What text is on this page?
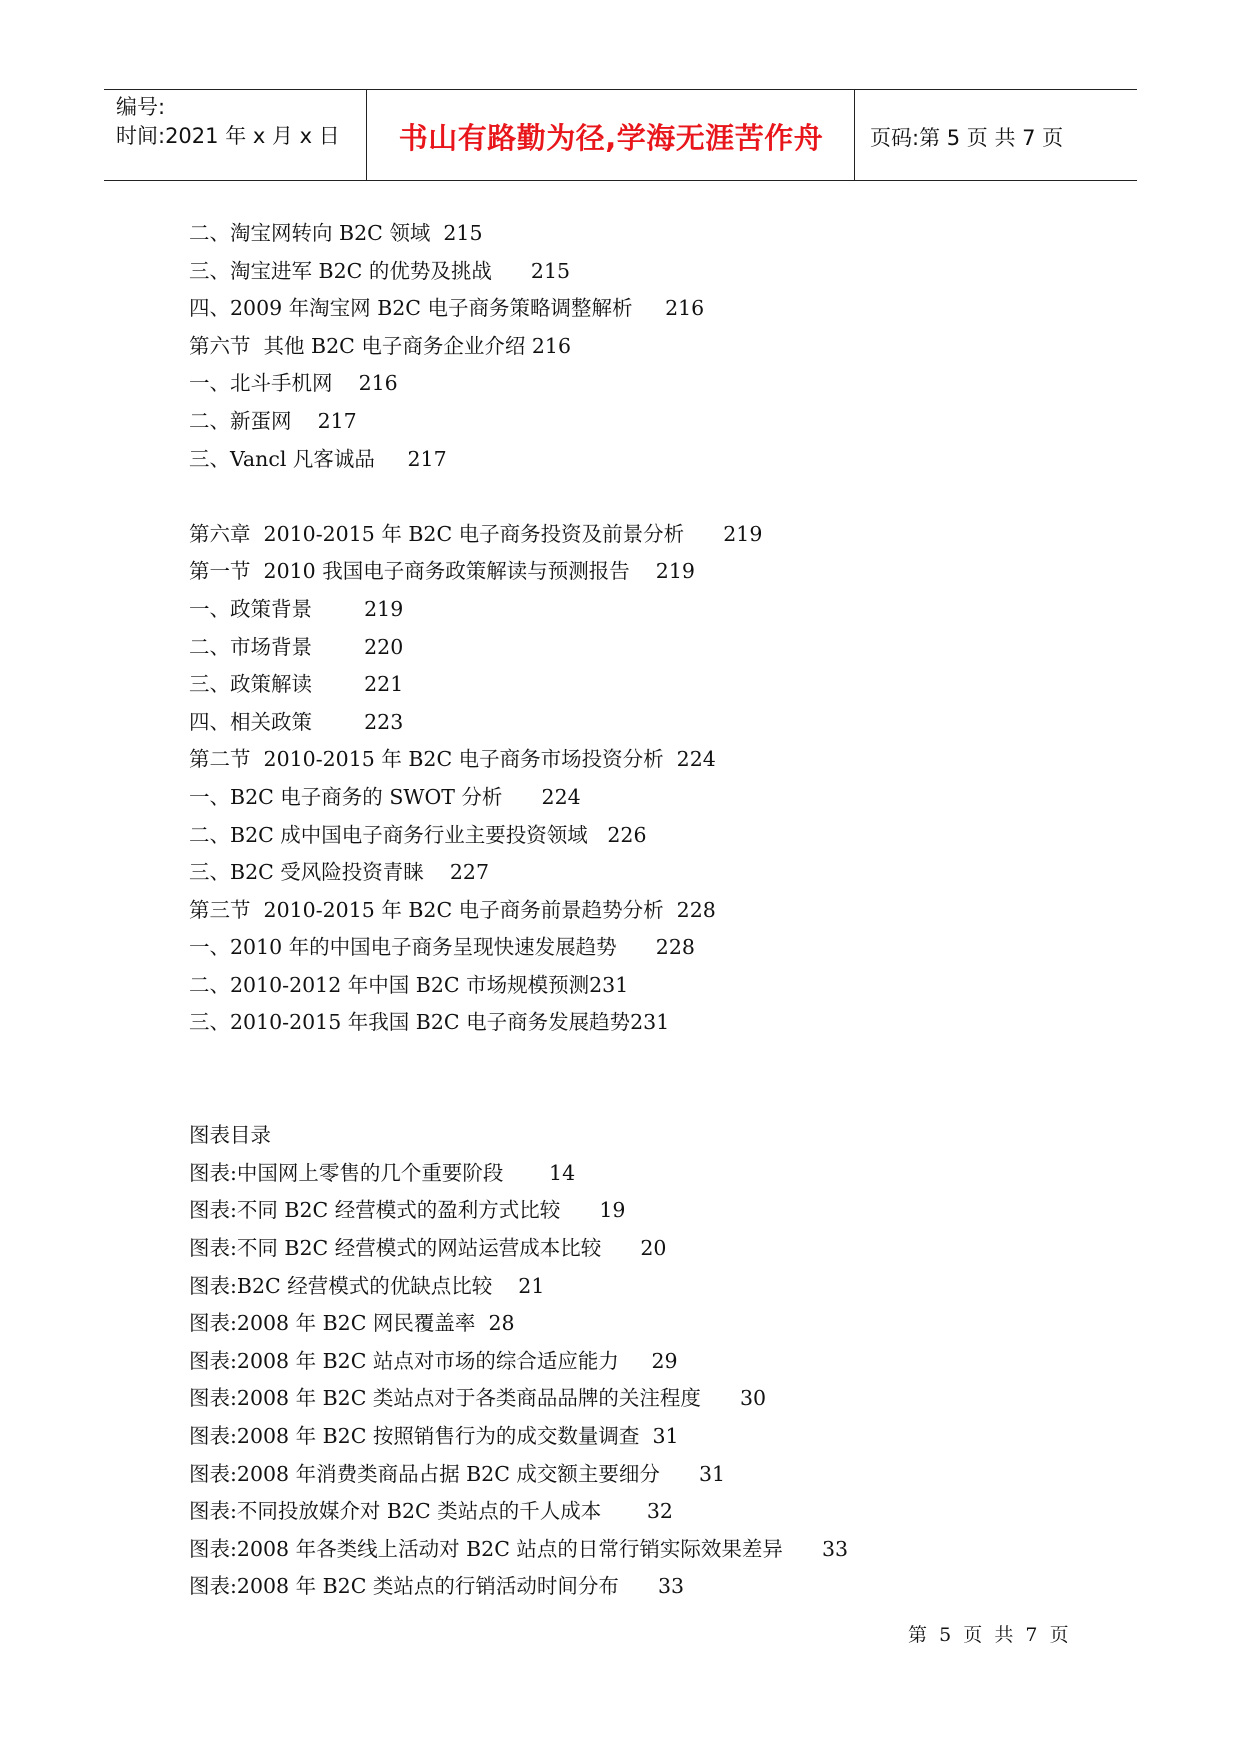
编号:
时间:2021 年 x 月 x 日	书山有路勤为径,学海无涯苦作舟	页码:第 5 页 共 7 页
二、淘宝网转向 B2C 领域  215
三、淘宝进军 B2C 的优势及挑战      215
四、2009 年淘宝网 B2C 电子商务策略调整解析     216
第六节  其他 B2C 电子商务企业介绍 216
一、北斗手机网    216
二、新蛋网    217
三、Vancl 凡客诚品     217
第六章  2010-2015 年 B2C 电子商务投资及前景分析      219
第一节  2010 我国电子商务政策解读与预测报告    219
一、政策背景        219
二、市场背景        220
三、政策解读        221
四、相关政策        223
第二节  2010-2015 年 B2C 电子商务市场投资分析  224
一、B2C 电子商务的 SWOT 分析      224
二、B2C 成中国电子商务行业主要投资领域   226
三、B2C 受风险投资青睐    227
第三节  2010-2015 年 B2C 电子商务前景趋势分析  228
一、2010 年的中国电子商务呈现快速发展趋势      228
二、2010-2012 年中国 B2C 市场规模预测231
三、2010-2015 年我国 B2C 电子商务发展趋势231
图表目录
图表:中国网上零售的几个重要阶段       14
图表:不同 B2C 经营模式的盈利方式比较      19
图表:不同 B2C 经营模式的网站运营成本比较      20
图表:B2C 经营模式的优缺点比较    21
图表:2008 年 B2C 网民覆盖率  28
图表:2008 年 B2C 站点对市场的综合适应能力     29
图表:2008 年 B2C 类站点对于各类商品品牌的关注程度      30
图表:2008 年 B2C 按照销售行为的成交数量调查  31
图表:2008 年消费类商品占据 B2C 成交额主要细分      31
图表:不同投放媒介对 B2C 类站点的千人成本       32
图表:2008 年各类线上活动对 B2C 站点的日常行销实际效果差异      33
图表:2008 年 B2C 类站点的行销活动时间分布      33
第  5  页  共  7  页
